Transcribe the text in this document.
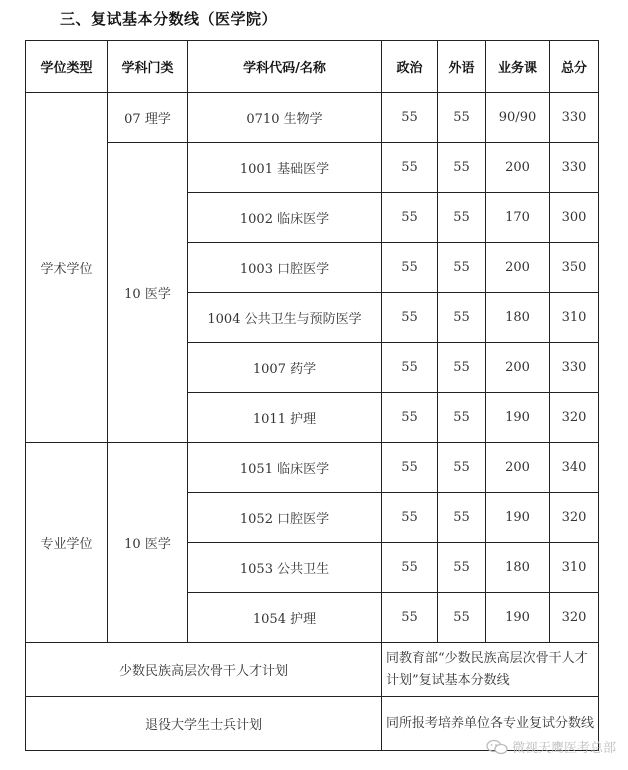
三、复试基本分数线（医学院）
学位类型	学科门类	学科代码/名称	政治	外语	业务课	总分
学术学位	07 理学	0710 生物学	55	55	90/90	330
	10 医学	1001 基础医学	55	55	200	330
		1002 临床医学	55	55	170	300
		1003 口腔医学	55	55	200	350
		1004 公共卫生与预防医学	55	55	180	310
		1007 药学	55	55	200	330
		1011 护理	55	55	190	320
专业学位	10 医学	1051 临床医学	55	55	200	340
		1052 口腔医学	55	55	190	320
		1053 公共卫生	55	55	180	310
		1054 护理	55	55	190	320
少数民族高层次骨干人才计划			同教育部“少数民族高层次骨干人才计划”复试基本分数线			
退役大学生士兵计划			同所报考培养单位各专业复试分数线			
微视天鹰医考总部
